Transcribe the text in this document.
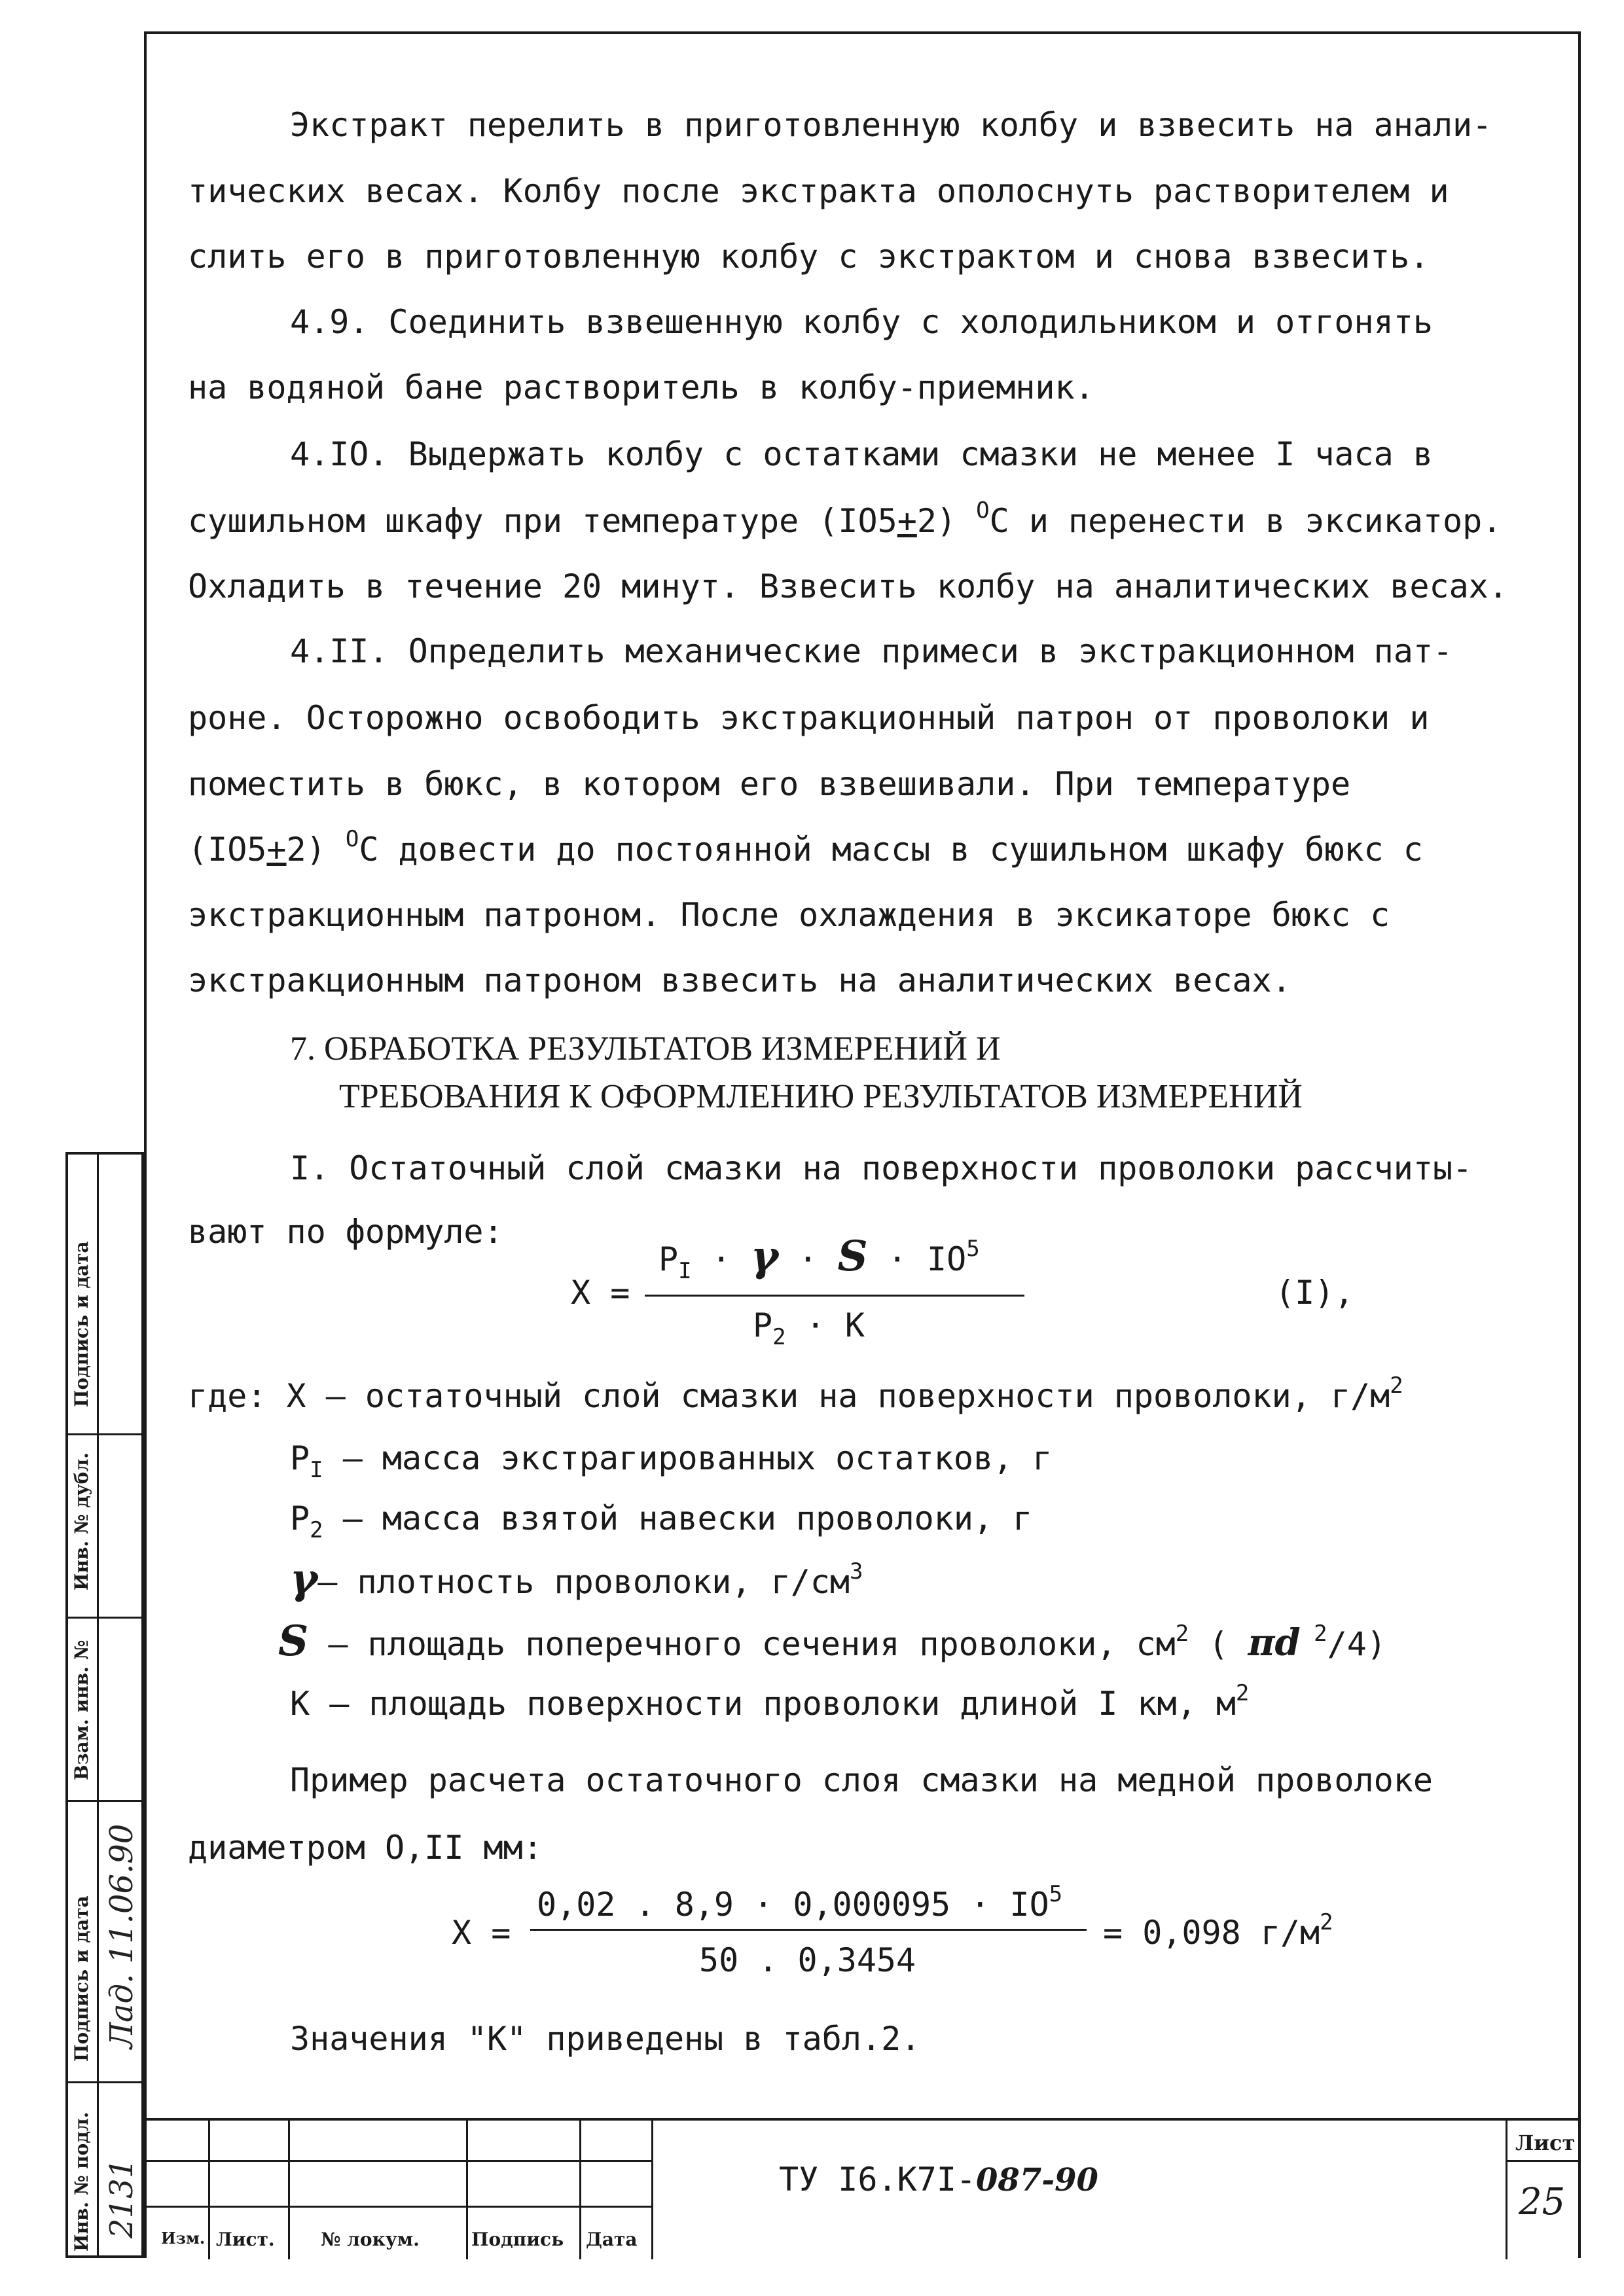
Экстракт перелить в приготовленную колбу и взвесить на анали-
тических весах. Колбу после экстракта ополоснуть растворителем и
слить его в приготовленную колбу с экстрактом и снова взвесить.
4.9. Соединить взвешенную колбу с холодильником и отгонять
на водяной бане растворитель в колбу-приемник.
4.IO. Выдержать колбу с остатками смазки не менее I часа в
сушильном шкафу при температуре (IO5+2) $^O$С и перенести в эксикатор.
Охладить в течение 20 минут. Взвесить колбу на аналитических весах.
4.II. Определить механические примеси в экстракционном пат-
роне. Осторожно освободить экстракционный патрон от проволоки и
поместить в бюкс, в котором его взвешивали. При температуре
(IO5+2) $^O$С довести до постоянной массы в сушильном шкафу бюкс с
экстракционным патроном. После охлаждения в эксикаторе бюкс с
экстракционным патроном взвесить на аналитических весах.
7. ОБРАБОТКА РЕЗУЛЬТАТОВ ИЗМЕРЕНИЙ И
ТРЕБОВАНИЯ К ОФОРМЛЕНИЮ РЕЗУЛЬТАТОВ ИЗМЕРЕНИЙ
I. Остаточный слой смазки на поверхности проволоки рассчиты-
вают по формуле:
X =
$P_I \cdot \gamma \cdot S \cdot IO^5$
$P_2 \cdot K$
(I),
где: X – остаточный слой смазки на поверхности проволоки, $г/м^2$
$P_I$ – масса экстрагированных остатков, г
$P_2$ – масса взятой навески проволоки, г
γ– плотность проволоки, $г/см^3$
S – площадь поперечного сечения проволоки, $см^2$ ( πd $^2$/4)
K – площадь поверхности проволоки длиной I км, $м^2$
Пример расчета остаточного слоя смазки на медной проволоке
диаметром O,II мм:
X =
0,02 . $8,9 \cdot 0,000095 \cdot IO^5$
50 . 0,3454
= 0,098 $г/м^2$
Значения "K" приведены в табл.2.
Подпись и дата
Инв. № дубл.
Взам. инв. №
Подпись и дата
Инв. № подл.
Лад. 11.06.90
2131 Изм. Лист.	№ локум.	Подпись Дата
ТУ I6.K7I-087-90
Лист
25
